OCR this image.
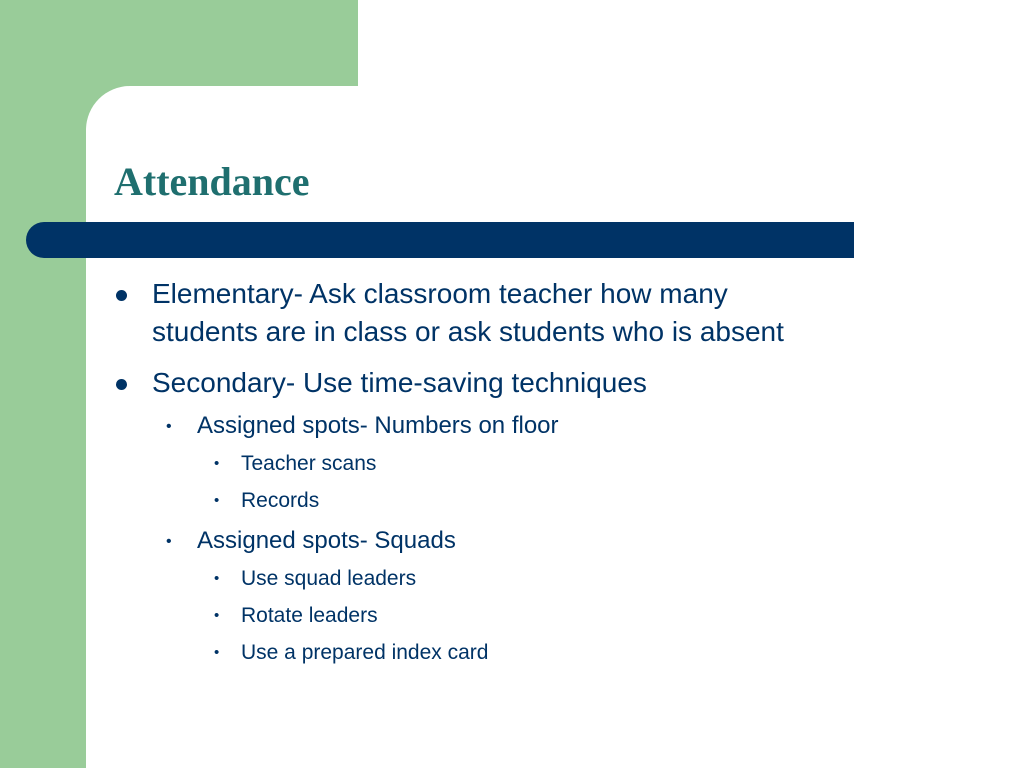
Attendance

Elementary- Ask classroom teacher how many

students are in class or ask students who is absent

Secondary- Use time-saving techniques

• Assigned spots- Numbers on floor

• Teacher scans

• Records

• Assigned spots- Squads

• Use squad leaders

• Rotate leaders

• Use a prepared index card
